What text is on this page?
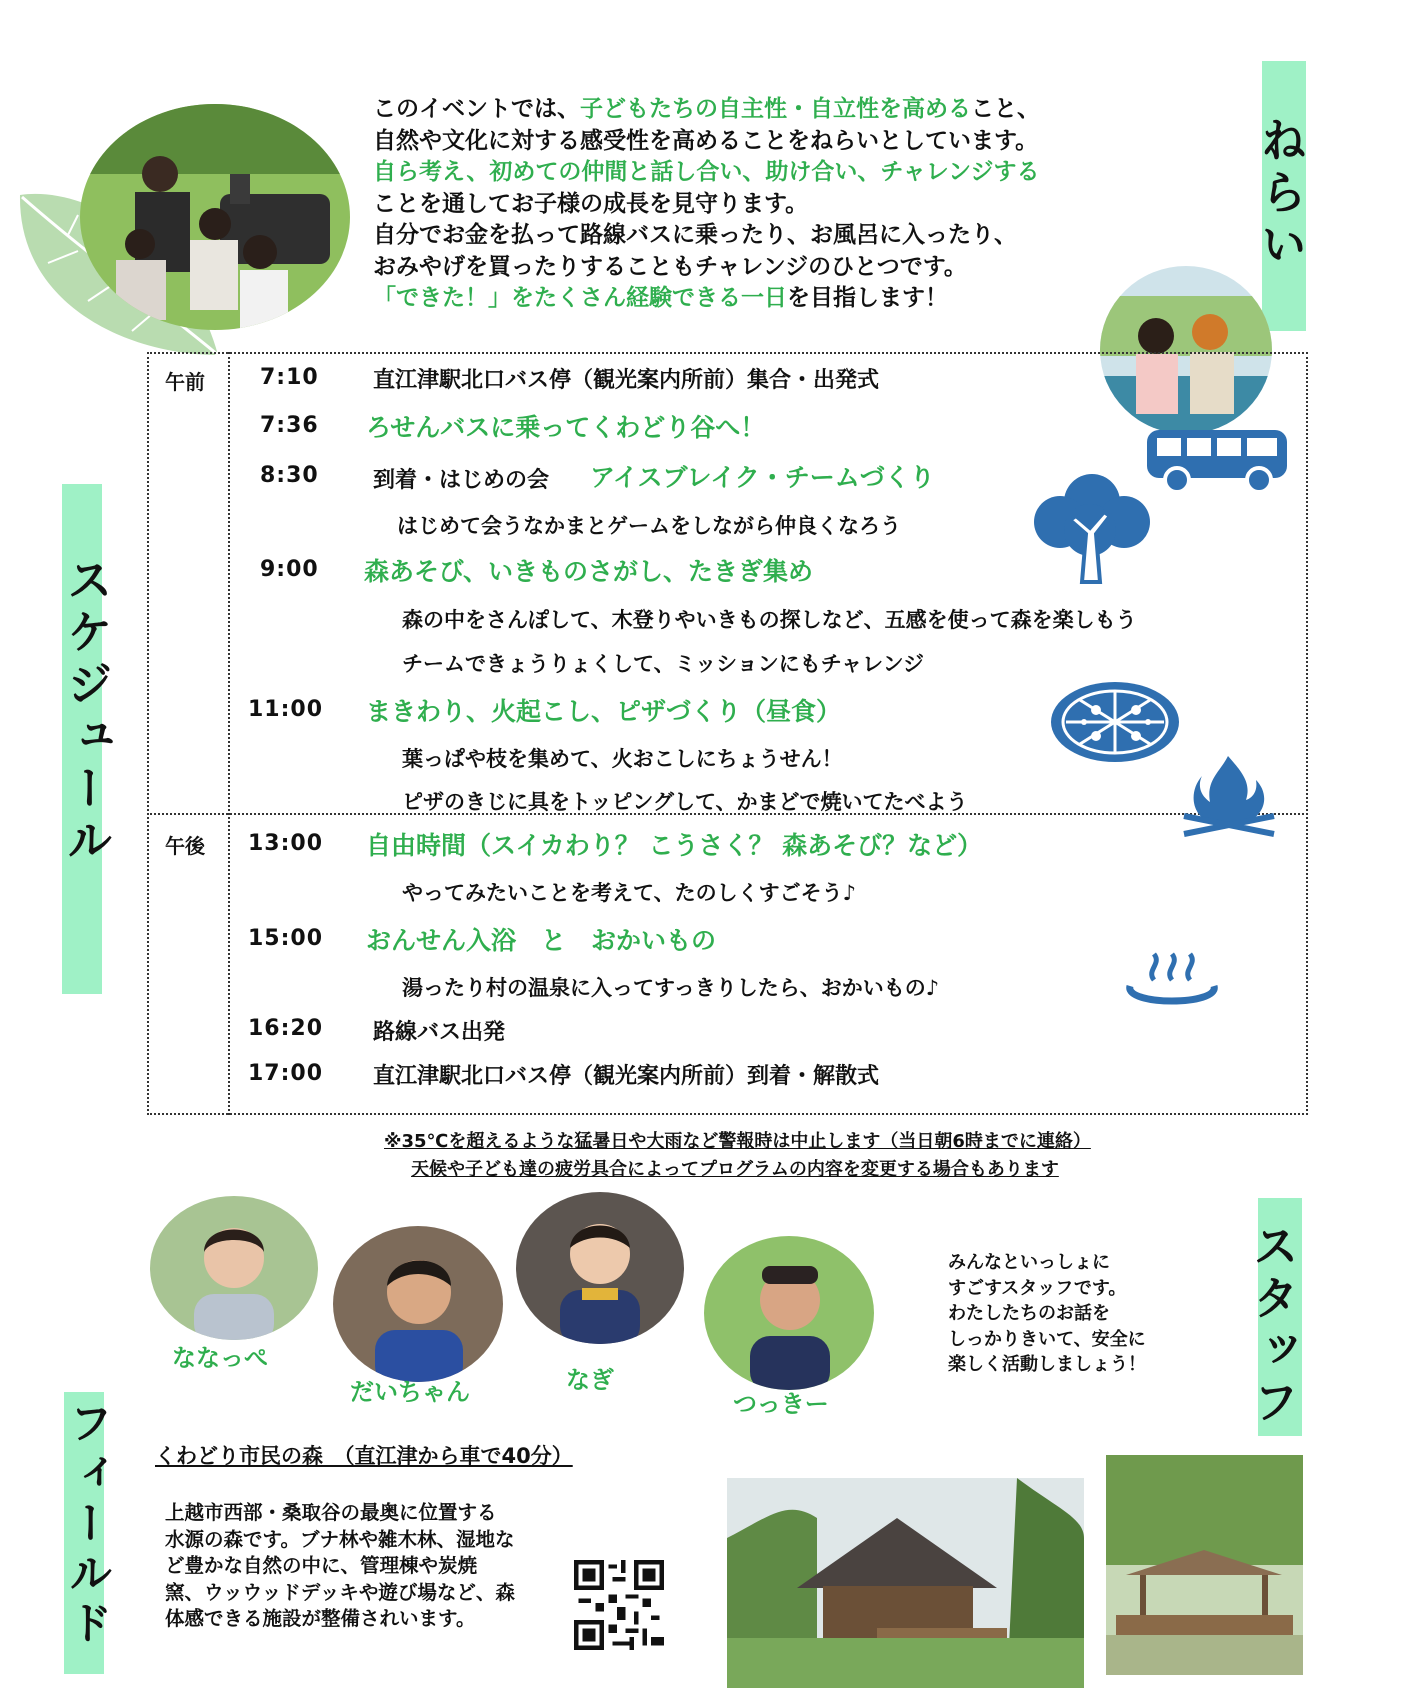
ねらい
スケジュール
スタッフ
フィールド

このイベントでは、子どもたちの自主性・自立性を高めること、

自然や文化に対する感受性を高めることをねらいとしています。

自ら考え、初めての仲間と話し合い、助け合い、チャレンジする

ことを通してお子様の成長を見守ります。

自分でお金を払って路線バスに乗ったり、お風呂に入ったり、

おみやげを買ったりすることもチャレンジのひとつです。

「できた！」をたくさん経験できる一日を目指します！

午前
午後
7:10 直江津駅北口バス停（観光案内所前）集合・出発式
7:36 ろせんバスに乗ってくわどり谷へ！
8:30 到着・はじめの会 アイスブレイク・チームづくり
はじめて会うなかまとゲームをしながら仲良くなろう
9:00 森あそび、いきものさがし、たきぎ集め
森の中をさんぽして、木登りやいきもの探しなど、五感を使って森を楽しもう
チームできょうりょくして、ミッションにもチャレンジ
11:00 まきわり、火起こし、ピザづくり（昼食）
葉っぱや枝を集めて、火おこしにちょうせん！
ピザのきじに具をトッピングして、かまどで焼いてたべよう
13:00 自由時間（スイカわり？ こうさく？ 森あそび？など）
やってみたいことを考えて、たのしくすごそう♪
15:00 おんせん入浴　と　おかいもの
湯ったり村の温泉に入ってすっきりしたら、おかいもの♪
16:20 路線バス出発
17:00 直江津駅北口バス停（観光案内所前）到着・解散式
※35℃を超えるような猛暑日や大雨など警報時は中止します（当日朝6時までに連絡）
天候や子ども達の疲労具合によってプログラムの内容を変更する場合もあります
ななっぺ
だいちゃん	なぎ
つっきー

みんなといっしょに

すごすスタッフです。

わたしたちのお話を

しっかりきいて、安全に

楽しく活動しましょう！

くわどり市民の森　（直江津から車で40分）

上越市西部・桑取谷の最奥に位置する

水源の森です。ブナ林や雑木林、湿地な

ど豊かな自然の中に、管理棟や炭焼

窯、ウッウッドデッキや遊び場など、森

体感できる施設が整備されいます。
